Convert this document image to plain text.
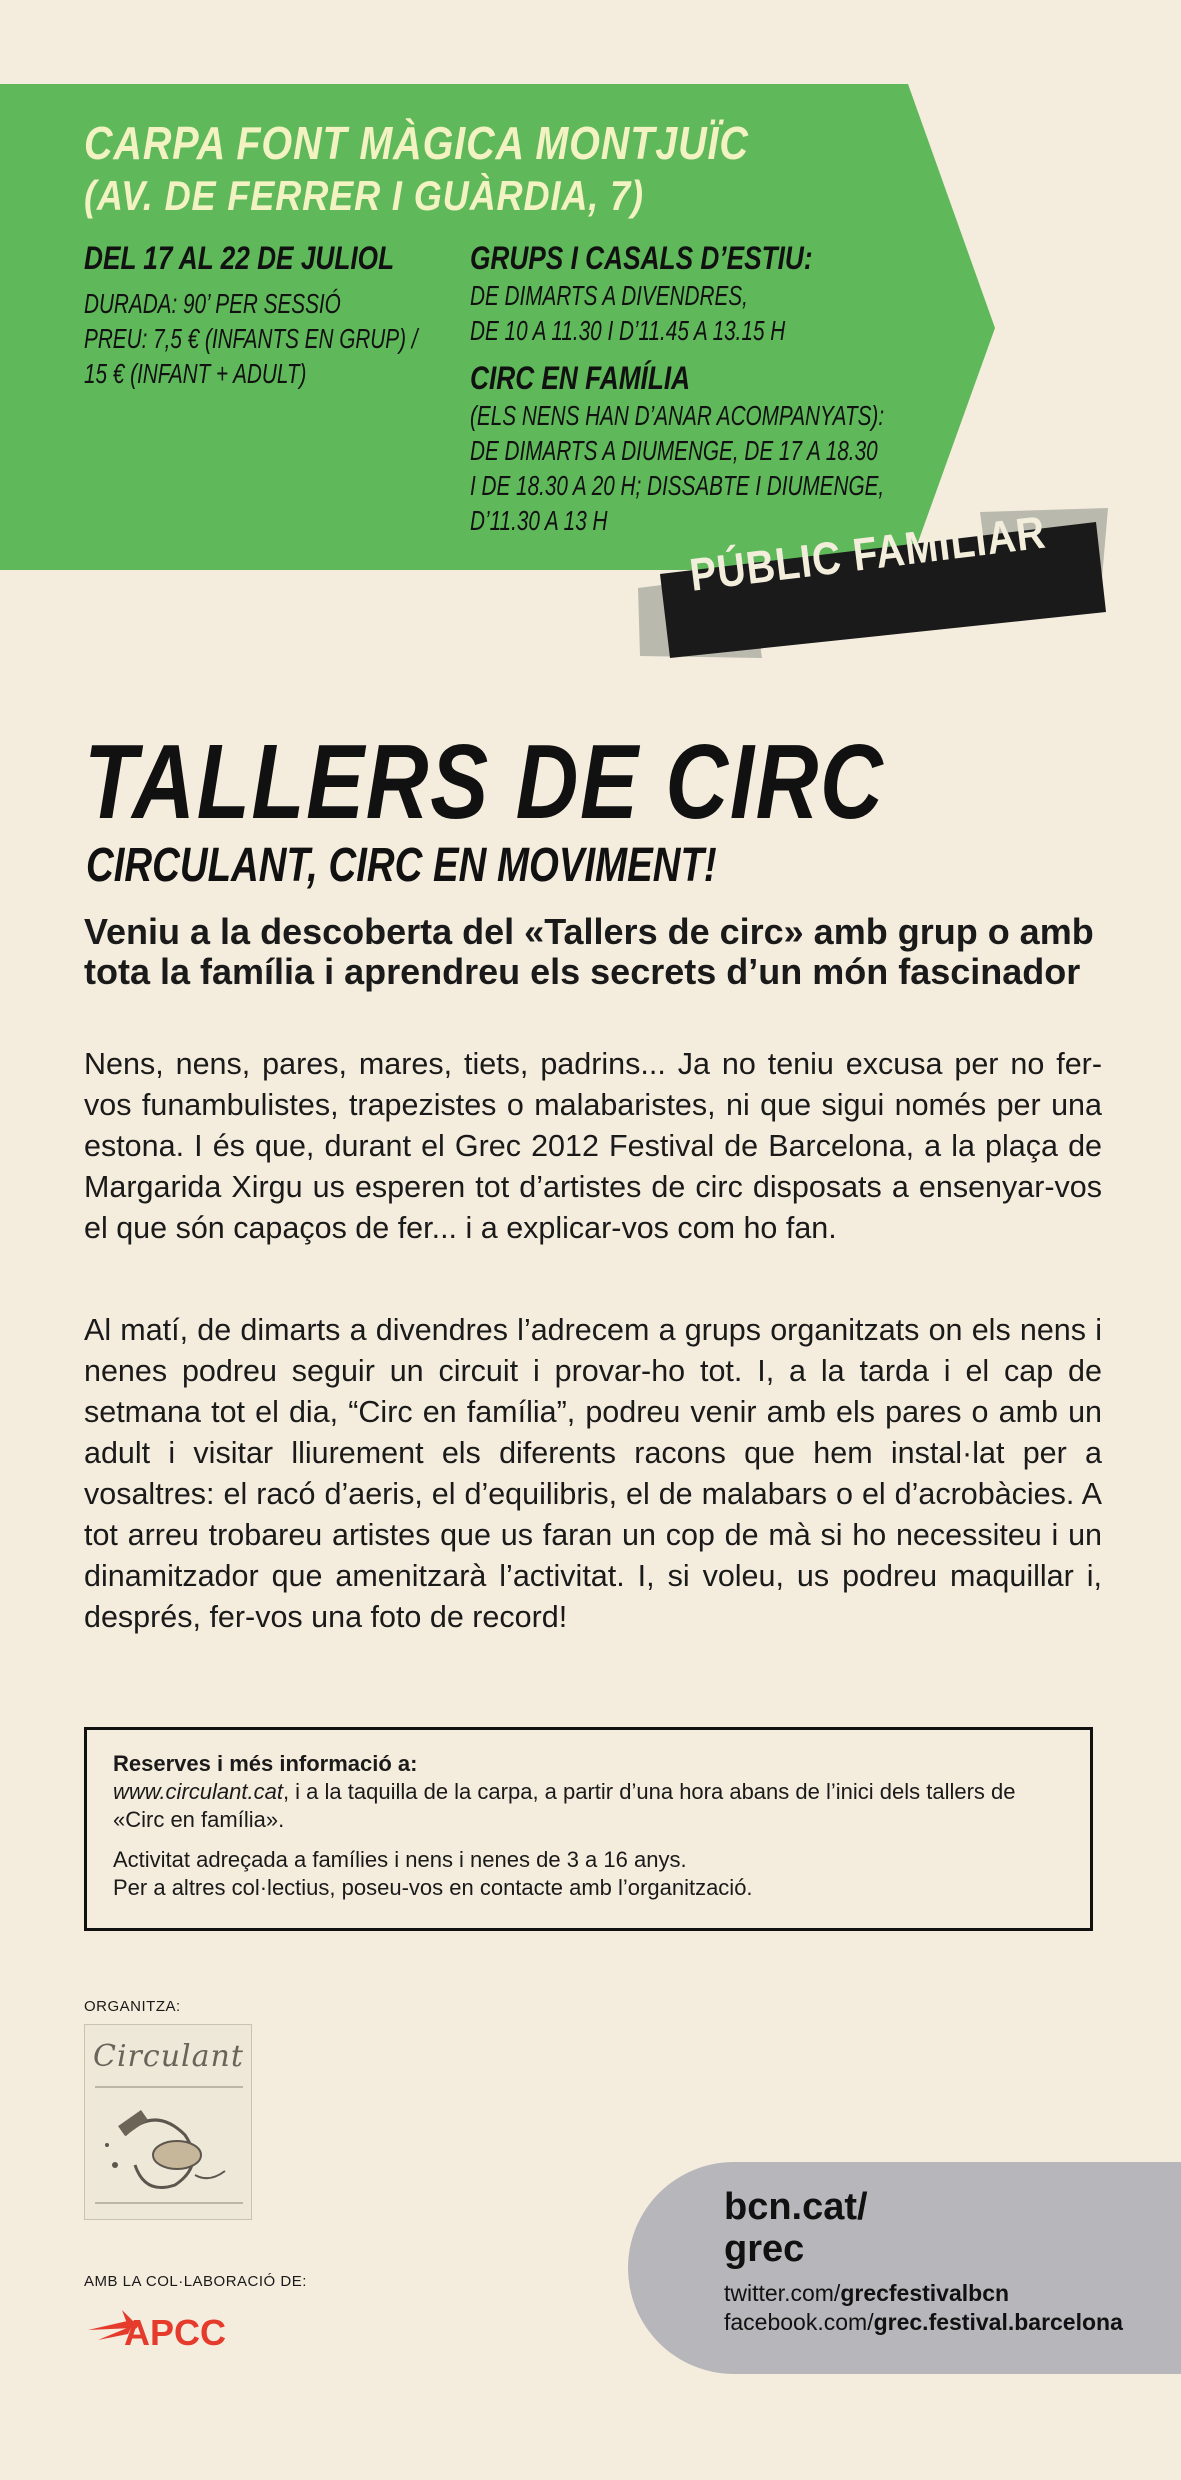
CARPA FONT MÀGICA MONTJUÏC
(AV. DE FERRER I GUÀRDIA, 7)
DEL 17 AL 22 DE JULIOL
DURADA: 90’ PER SESSIÓ
PREU: 7,5 € (INFANTS EN GRUP) /
15 € (INFANT + ADULT)
GRUPS I CASALS D’ESTIU:
DE DIMARTS A DIVENDRES,
DE 10 A 11.30 I D’11.45 A 13.15 H
CIRC EN FAMÍLIA
(ELS NENS HAN D’ANAR ACOMPANYATS):
DE DIMARTS A DIUMENGE, DE 17 A 18.30
I DE 18.30 A 20 H; DISSABTE I DIUMENGE,
D’11.30 A 13 H PÚBLIC FAMILIAR
TALLERS DE CIRC
CIRCULANT, CIRC EN MOVIMENT!
Veniu a la descoberta del «Tallers de circ» amb grup o amb tota la família i aprendreu els secrets d’un món fascinador
Nens, nens, pares, mares, tiets, padrins... Ja no teniu excusa per no fer-vos funambulistes, trapezistes o malabaristes, ni que sigui només per una estona. I és que, durant el Grec 2012 Festival de Barcelona, a la plaça de Margarida Xirgu us esperen tot d’artistes de circ disposats a ensenyar-vos el que són capaços de fer... i a explicar-vos com ho fan.
Al matí, de dimarts a divendres l’adrecem a grups organitzats on els nens i nenes podreu seguir un circuit i provar-ho tot. I, a la tarda i el cap de setmana tot el dia, “Circ en família”, podreu venir amb els pares o amb un adult i visitar lliurement els diferents racons que hem instal·lat per a vosaltres: el racó d’aeris, el d’equilibris, el de malabars o el d’acrobàcies. A tot arreu trobareu artistes que us faran un cop de mà si ho necessiteu i un dinamitzador que amenitzarà l’activitat. I, si voleu, us podreu maquillar i, després, fer-vos una foto de record!
Reserves i més informació a:
www.circulant.cat, i a la taquilla de la carpa, a partir d’una hora abans de l’inici dels tallers de «Circ en família».
Activitat adreçada a famílies i nens i nenes de 3 a 16 anys.
Per a altres col·lectius, poseu-vos en contacte amb l’organització.
ORGANITZA:
Circulant
AMB LA COL·LABORACIÓ DE:
APCC
bcn.cat/
grec
twitter.com/grecfestivalbcn
facebook.com/grec.festival.barcelona
